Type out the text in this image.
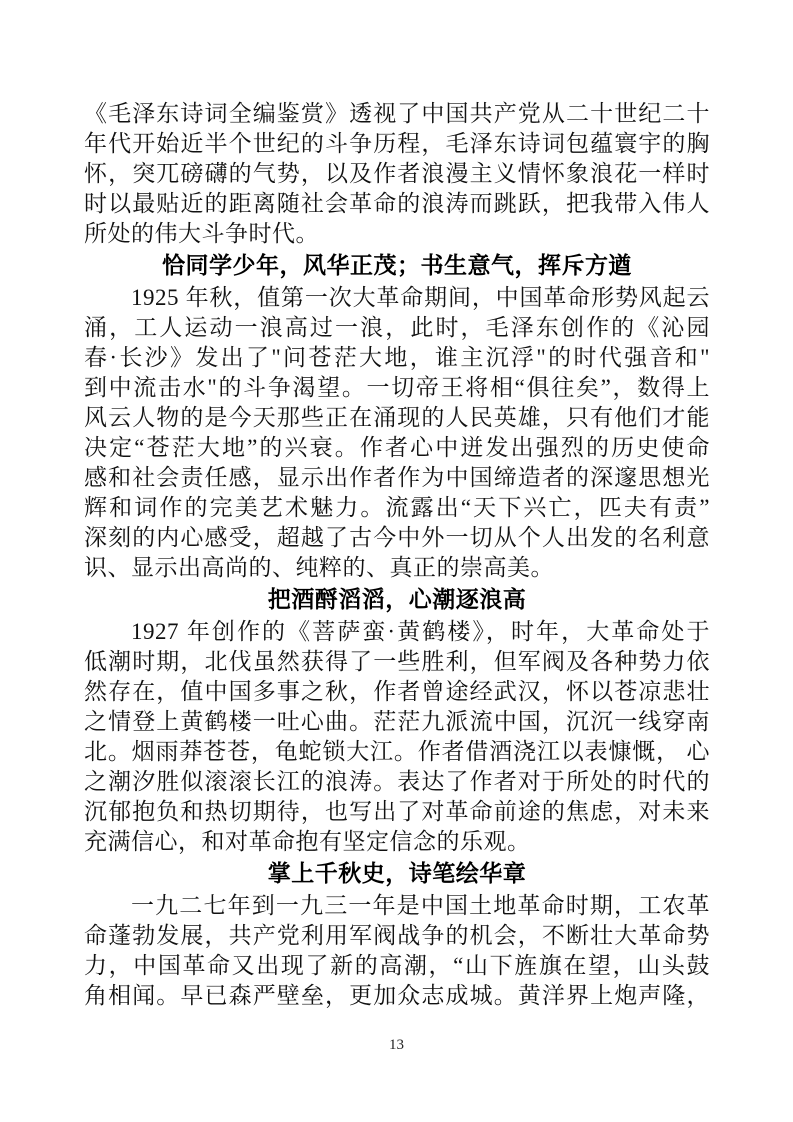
《毛泽东诗词全编鉴赏》透视了中国共产党从二十世纪二十
年代开始近半个世纪的斗争历程，毛泽东诗词包蕴寰宇的胸
怀，突兀磅礴的气势，以及作者浪漫主义情怀象浪花一样时
时以最贴近的距离随社会革命的浪涛而跳跃，把我带入伟人
所处的伟大斗争时代。
恰同学少年，风华正茂；书生意气，挥斥方遒
1925 年秋，值第一次大革命期间，中国革命形势风起云
涌，工人运动一浪高过一浪，此时，毛泽东创作的《沁园
春·长沙》发出了"问苍茫大地，谁主沉浮"的时代强音和"
到中流击水"的斗争渴望。一切帝王将相“俱往矣”，数得上
风云人物的是今天那些正在涌现的人民英雄，只有他们才能
决定“苍茫大地”的兴衰。作者心中迸发出强烈的历史使命
感和社会责任感，显示出作者作为中国缔造者的深邃思想光
辉和词作的完美艺术魅力。流露出“天下兴亡，匹夫有责”
深刻的内心感受，超越了古今中外一切从个人出发的名利意
识、显示出高尚的、纯粹的、真正的崇高美。
把酒酹滔滔，心潮逐浪高
1927 年创作的《菩萨蛮·黄鹤楼》，时年，大革命处于
低潮时期，北伐虽然获得了一些胜利，但军阀及各种势力依
然存在，值中国多事之秋，作者曾途经武汉，怀以苍凉悲壮
之情登上黄鹤楼一吐心曲。茫茫九派流中国，沉沉一线穿南
北。烟雨莽苍苍，龟蛇锁大江。作者借酒浇江以表慷慨， 心
之潮汐胜似滚滚长江的浪涛。表达了作者对于所处的时代的
沉郁抱负和热切期待，也写出了对革命前途的焦虑，对未来
充满信心，和对革命抱有坚定信念的乐观。
掌上千秋史，诗笔绘华章
一九二七年到一九三一年是中国土地革命时期，工农革
命蓬勃发展，共产党利用军阀战争的机会，不断壮大革命势
力，中国革命又出现了新的高潮，“山下旌旗在望，山头鼓
角相闻。早已森严壁垒，更加众志成城。黄洋界上炮声隆，
13
